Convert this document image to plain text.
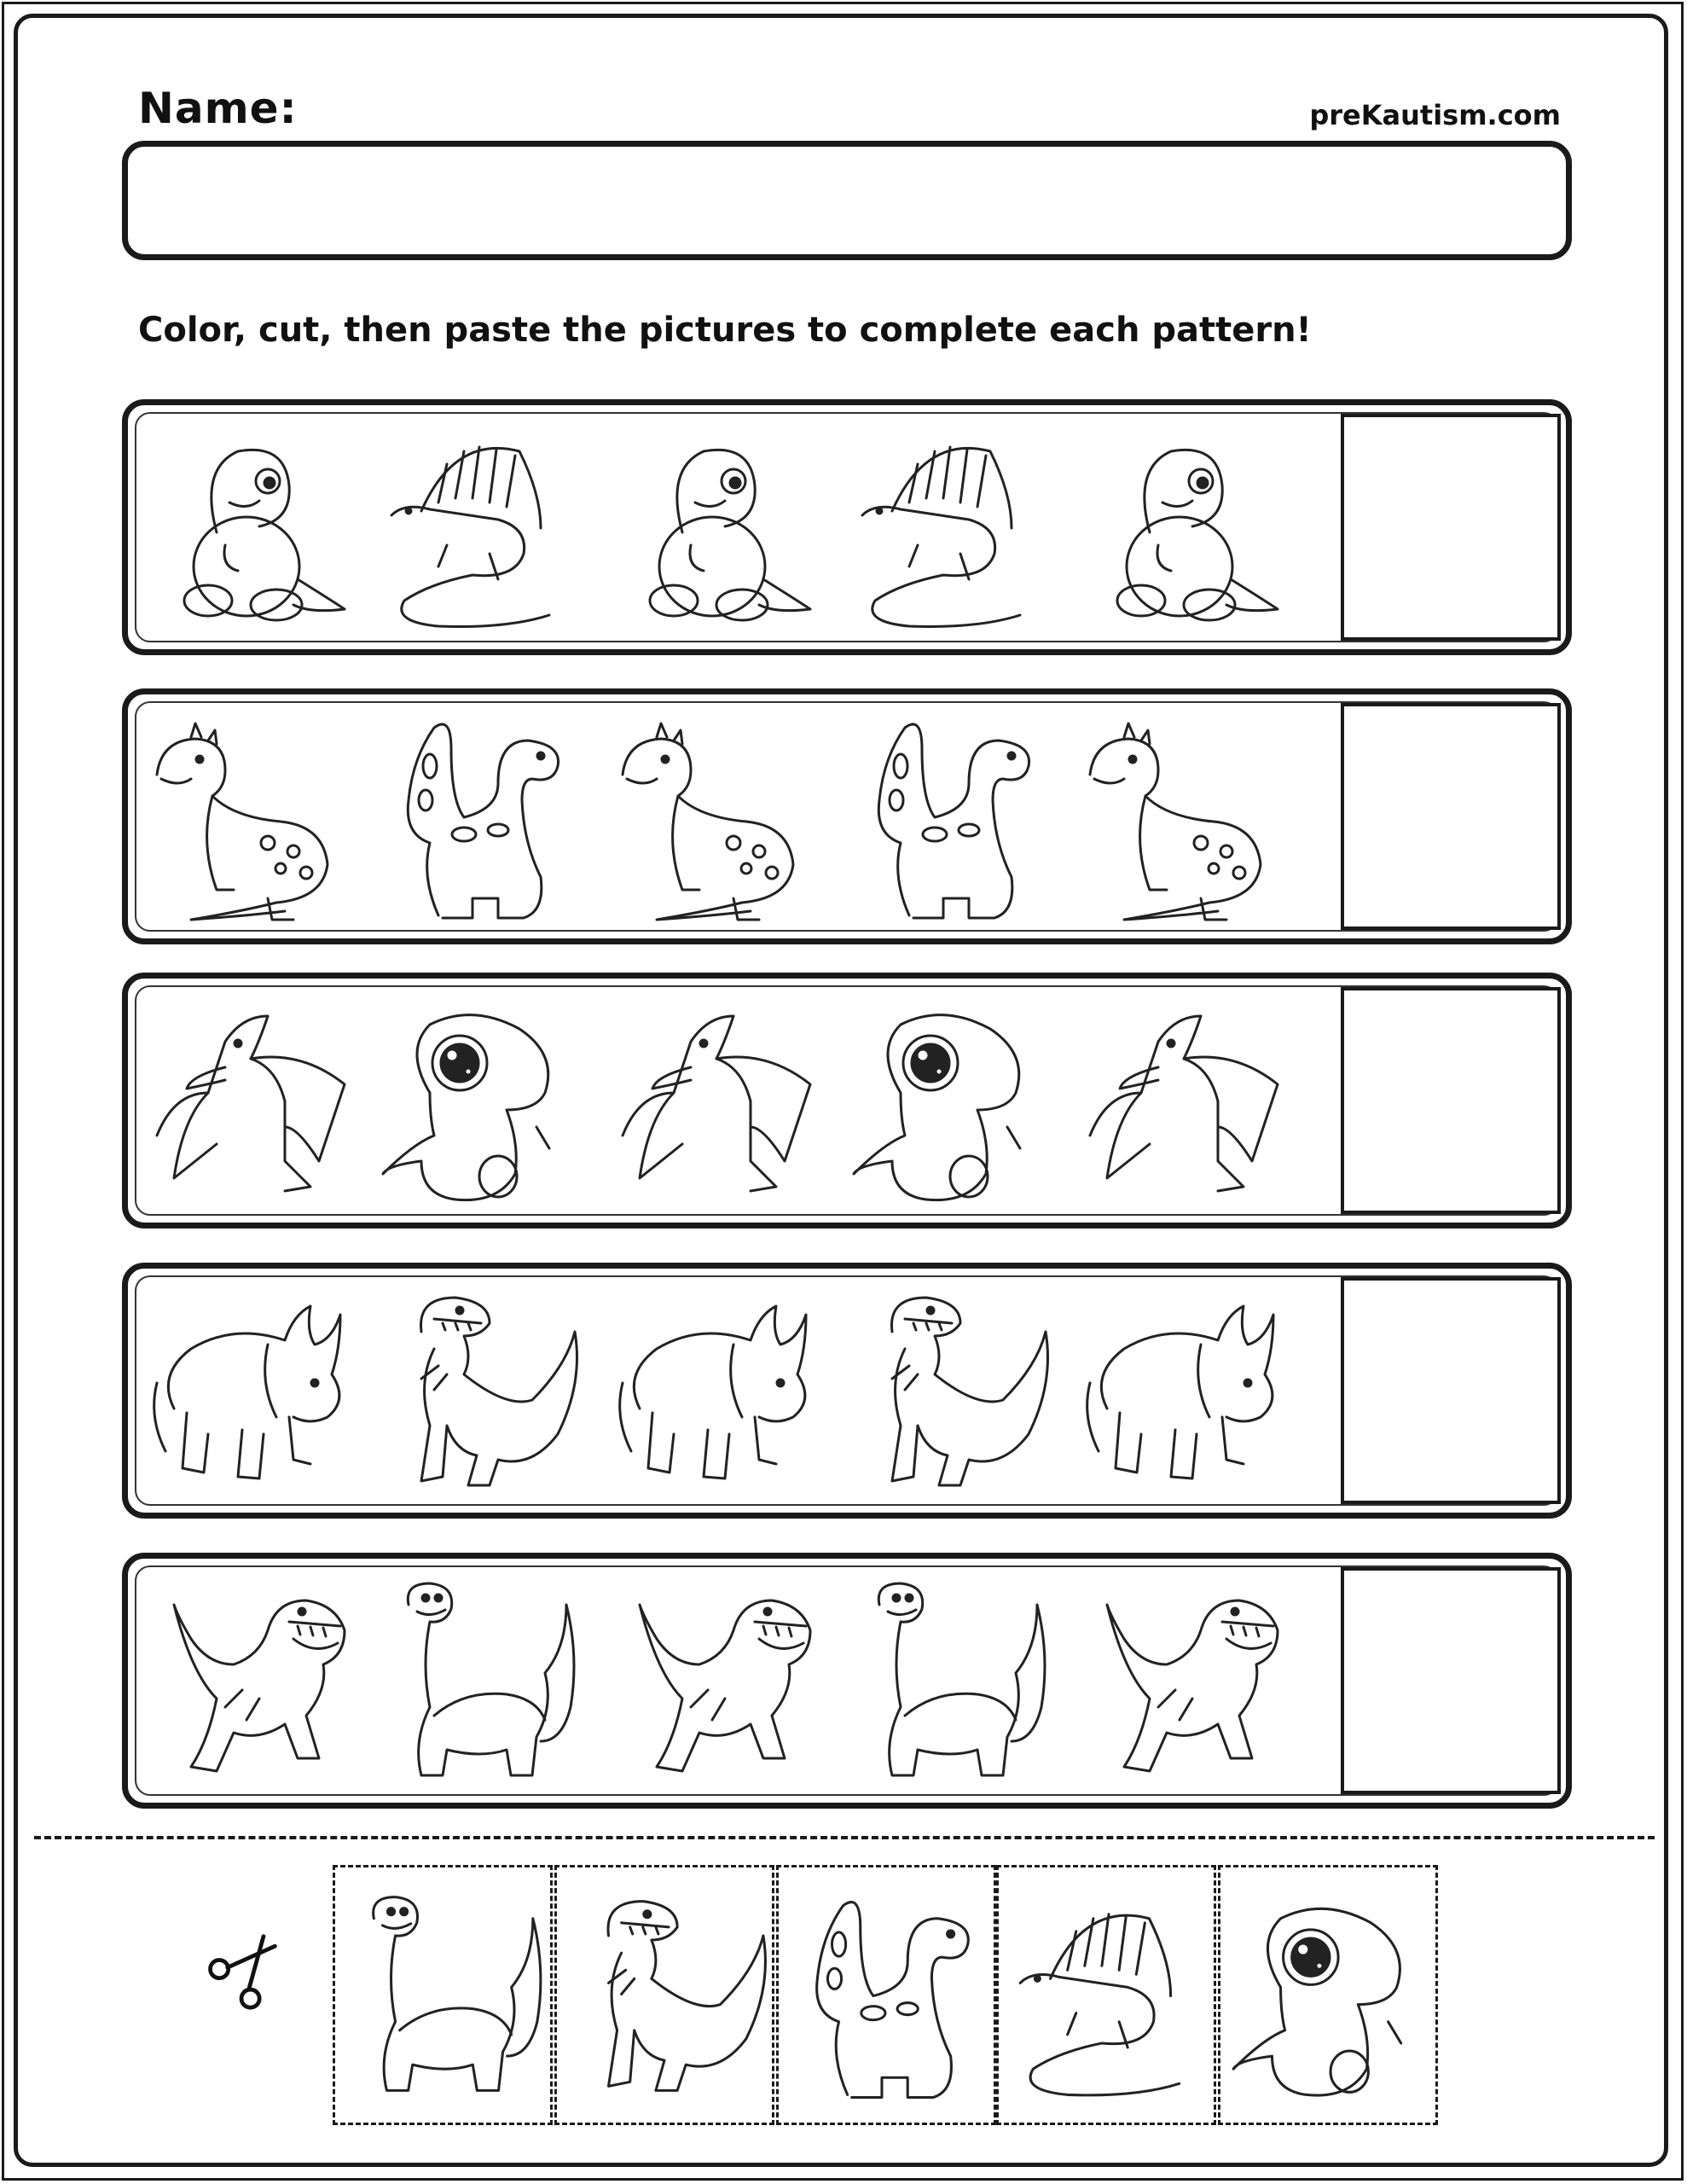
Name:	preKautism.com
Color, cut, then paste the pictures to complete each pattern!
